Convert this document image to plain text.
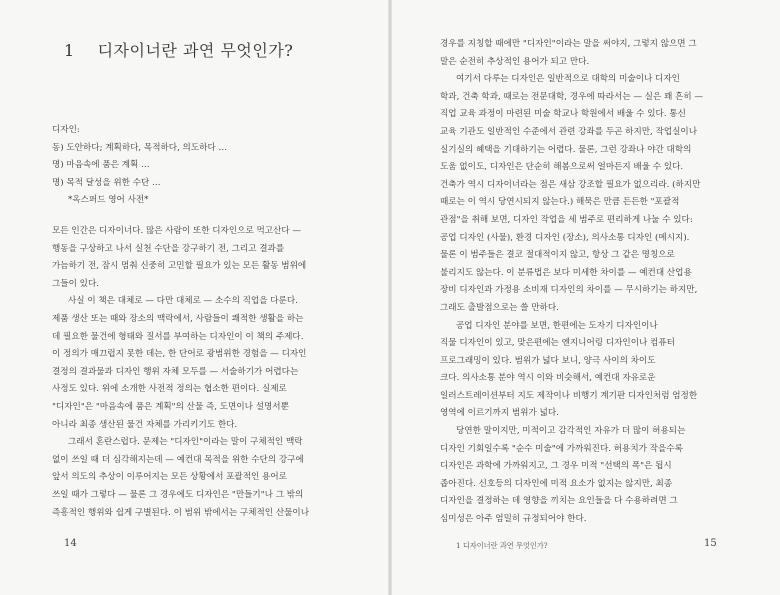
1 디자이너란 과연 무엇인가?
디자인:
동) 도안하다; 계획하다, 목적하다, 의도하다 …
명) 마음속에 품은 계획 …
명) 목적 달성을 위한 수단 …
*옥스퍼드 영어 사전*
모든 인간은 디자이너다. 많은 사람이 또한 디자인으로 먹고산다 —
행동을 구상하고 나서 실천 수단을 강구하기 전, 그리고 결과를
가늠하기 전, 잠시 멈춰 신중히 고민할 필요가 있는 모든 활동 범위에
그들이 있다.
사실 이 책은 대체로 — 다만 대체로 — 소수의 직업을 다룬다.
제품 생산 또는 때와 장소의 맥락에서, 사람들이 쾌적한 생활을 하는
데 필요한 물건에 형태와 질서를 부여하는 디자인이 이 책의 주제다.
이 정의가 매끄럽지 못한 데는, 한 단어로 광범위한 경험을 — 디자인
결정의 결과물과 디자인 행위 자체 모두를 — 서술하기가 어렵다는
사정도 있다. 위에 소개한 사전적 정의는 협소한 편이다. 실제로
"디자인"은 "마음속에 품은 계획"의 산물 즉, 도면이나 설명서뿐
아니라 최종 생산된 물건 자체를 가리키기도 한다.
그래서 혼란스럽다. 문제는 "디자인"이라는 말이 구체적인 맥락
없이 쓰일 때 더 심각해지는데 — 예컨대 목적을 위한 수단의 강구에
앞서 의도의 추상이 이루어지는 모든 상황에서 포괄적인 용어로
쓰일 때가 그렇다 — 물론 그 경우에도 디자인은 "만들기"나 그 밖의
즉흥적인 행위와 쉽게 구별된다. 이 범위 밖에서는 구체적인 산물이나
14
경우를 지칭할 때에만 "디자인"이라는 말을 써야지, 그렇지 않으면 그
말은 순전히 추상적인 용어가 되고 만다.
여기서 다루는 디자인은 일반적으로 대학의 미술이나 디자인
학과, 건축 학과, 때로는 전문대학, 경우에 따라서는 — 실은 꽤 흔히 —
직업 교육 과정이 마련된 미술 학교나 학원에서 배울 수 있다. 통신
교육 기관도 일반적인 수준에서 관련 강좌를 두곤 하지만, 작업실이나
실기실의 혜택을 기대하기는 어렵다. 물론, 그런 강좌나 야간 대학의
도움 없이도, 디자인은 단순히 해봄으로써 얼마든지 배울 수 있다.
건축가 역시 디자이너라는 점은 새삼 강조할 필요가 없으리라. (하지만
때로는 이 역시 당연시되지 않는다.) 해묵은 만큼 든든한 "포괄적
관점"을 취해 보면, 디자인 작업을 세 범주로 편리하게 나눌 수 있다:
공업 디자인 (사물), 환경 디자인 (장소), 의사소통 디자인 (메시지).
물론 이 범주들은 결코 절대적이지 않고, 항상 그 같은 명칭으로
불리지도 않는다. 이 분류법은 보다 미세한 차이를 — 예컨대 산업용
장비 디자인과 가정용 소비재 디자인의 차이를 — 무시하기는 하지만,
그래도 출발점으로는 쓸 만하다.
공업 디자인 분야를 보면, 한편에는 도자기 디자인이나
직물 디자인이 있고, 맞은편에는 엔지니어링 디자인이나 컴퓨터
프로그래밍이 있다. 범위가 넓다 보니, 양극 사이의 차이도
크다. 의사소통 분야 역시 이와 비슷해서, 예컨대 자유로운
일러스트레이션부터 지도 제작이나 비행기 계기판 디자인처럼 엄정한
영역에 이르기까지 범위가 넓다.
당연한 말이지만, 미적이고 감각적인 자유가 더 많이 허용되는
디자인 기회일수록 "순수 미술"에 가까워진다. 허용치가 작을수록
디자인은 과학에 가까워지고, 그 경우 미적 "선택의 폭"은 됩시
좁아진다. 신호등의 디자인에 미적 요소가 없지는 않지만, 최종
디자인을 결정하는 데 영향을 끼치는 요인들을 다 수용하려면 그
심미성은 아주 엄밀히 규정되어야 한다.
1 디자이너란 과연 무엇인가?	15
